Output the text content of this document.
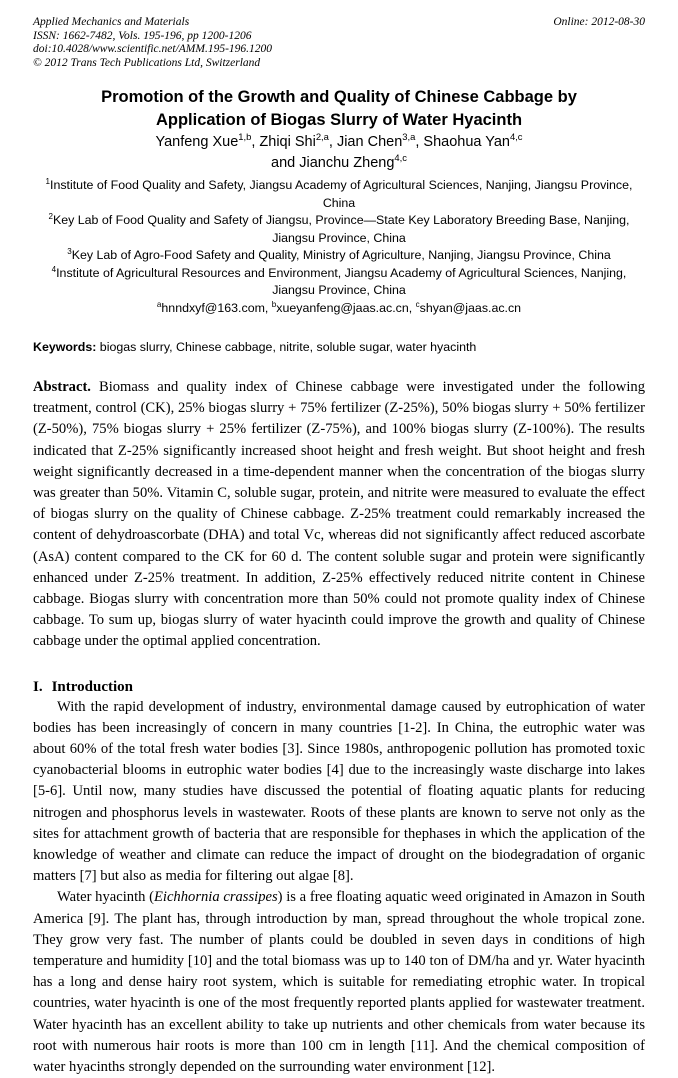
Applied Mechanics and Materials
ISSN: 1662-7482, Vols. 195-196, pp 1200-1206
doi:10.4028/www.scientific.net/AMM.195-196.1200
© 2012 Trans Tech Publications Ltd, Switzerland
Online: 2012-08-30
Promotion of the Growth and Quality of Chinese Cabbage by
Application of Biogas Slurry of Water Hyacinth
Yanfeng Xue$^{1,b}$, Zhiqi Shi$^{2,a}$, Jian Chen$^{3,a}$, Shaohua Yan$^{4,c}$
and Jianchu Zheng$^{4,c}$
$^1$Institute of Food Quality and Safety, Jiangsu Academy of Agricultural Sciences, Nanjing, Jiangsu Province, China
$^2$Key Lab of Food Quality and Safety of Jiangsu, Province—State Key Laboratory Breeding Base, Nanjing, Jiangsu Province, China
$^3$Key Lab of Agro-Food Safety and Quality, Ministry of Agriculture, Nanjing, Jiangsu Province, China
$^4$Institute of Agricultural Resources and Environment, Jiangsu Academy of Agricultural Sciences, Nanjing, Jiangsu Province, China
$^a$hnndxyf@163.com, $^b$xueyanfeng@jaas.ac.cn, $^c$shyan@jaas.ac.cn
Keywords: biogas slurry, Chinese cabbage, nitrite, soluble sugar, water hyacinth
Abstract. Biomass and quality index of Chinese cabbage were investigated under the following treatment, control (CK), 25% biogas slurry + 75% fertilizer (Z-25%), 50% biogas slurry + 50% fertilizer (Z-50%), 75% biogas slurry + 25% fertilizer (Z-75%), and 100% biogas slurry (Z-100%). The results indicated that Z-25% significantly increased shoot height and fresh weight. But shoot height and fresh weight significantly decreased in a time-dependent manner when the concentration of the biogas slurry was greater than 50%. Vitamin C, soluble sugar, protein, and nitrite were measured to evaluate the effect of biogas slurry on the quality of Chinese cabbage. Z-25% treatment could remarkably increased the content of dehydroascorbate (DHA) and total Vc, whereas did not significantly affect reduced ascorbate (AsA) content compared to the CK for 60 d. The content soluble sugar and protein were significantly enhanced under Z-25% treatment. In addition, Z-25% effectively reduced nitrite content in Chinese cabbage. Biogas slurry with concentration more than 50% could not promote quality index of Chinese cabbage. To sum up, biogas slurry of water hyacinth could improve the growth and quality of Chinese cabbage under the optimal applied concentration.
I. Introduction
With the rapid development of industry, environmental damage caused by eutrophication of water bodies has been increasingly of concern in many countries [1-2]. In China, the eutrophic water was about 60% of the total fresh water bodies [3]. Since 1980s, anthropogenic pollution has promoted toxic cyanobacterial blooms in eutrophic water bodies [4] due to the increasingly waste discharge into lakes [5-6]. Until now, many studies have discussed the potential of floating aquatic plants for reducing nitrogen and phosphorus levels in wastewater. Roots of these plants are known to serve not only as the sites for attachment growth of bacteria that are responsible for thephases in which the application of the knowledge of weather and climate can reduce the impact of drought on the biodegradation of organic matters [7] but also as media for filtering out algae [8].
Water hyacinth (Eichhornia crassipes) is a free floating aquatic weed originated in Amazon in South America [9]. The plant has, through introduction by man, spread throughout the whole tropical zone. They grow very fast. The number of plants could be doubled in seven days in conditions of high temperature and humidity [10] and the total biomass was up to 140 ton of DM/ha and yr. Water hyacinth has a long and dense hairy root system, which is suitable for remediating etrophic water. In tropical countries, water hyacinth is one of the most frequently reported plants applied for wastewater treatment. Water hyacinth has an excellent ability to take up nutrients and other chemicals from water because its root with numerous hair roots is more than 100 cm in length [11]. And the chemical composition of water hyacinths strongly depended on the surrounding water environment [12].
